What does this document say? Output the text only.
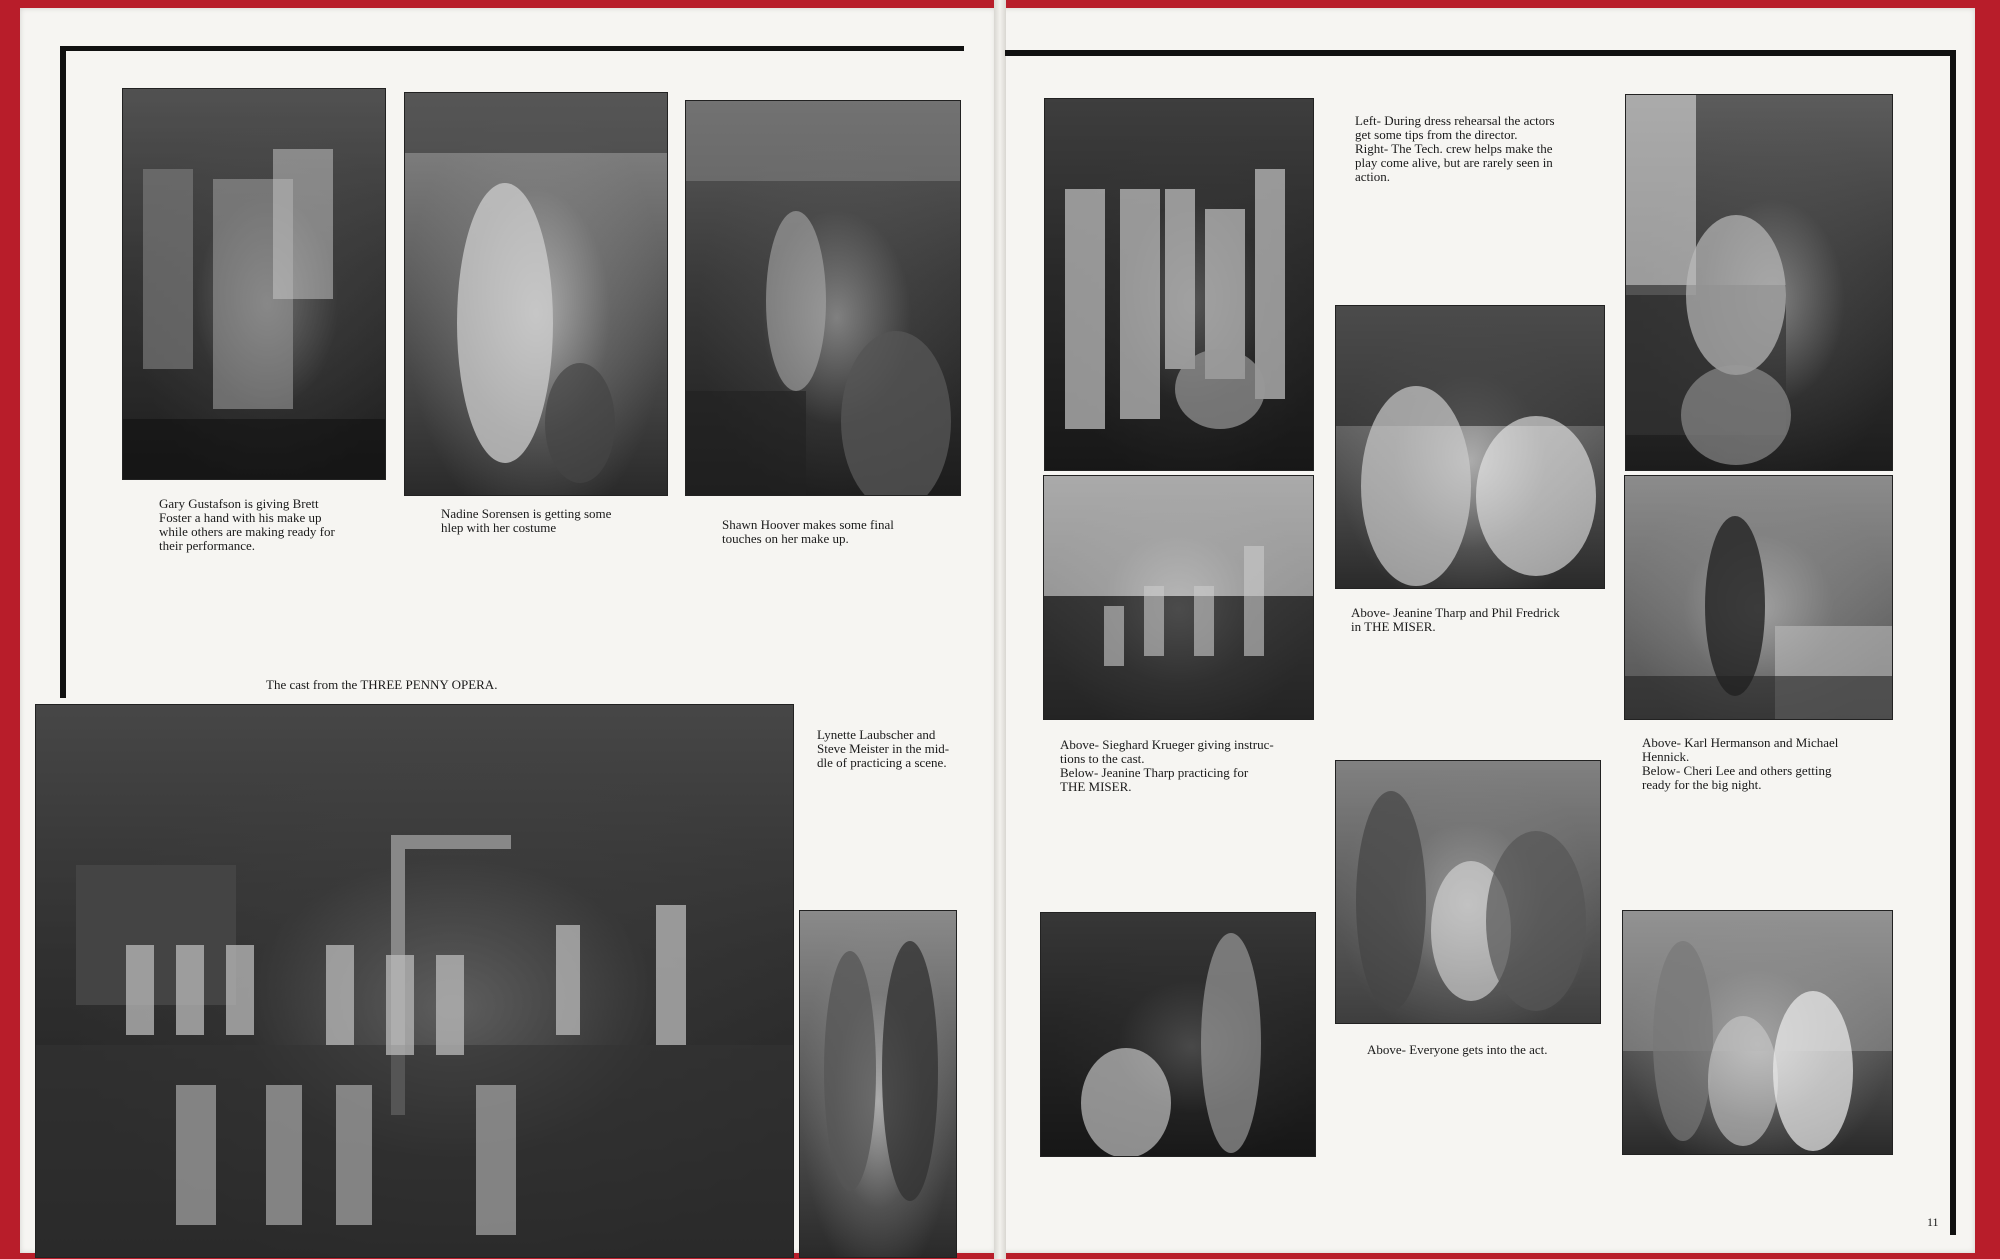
Gary Gustafson is giving Brett
Foster a hand with his make up
while others are making ready for
their performance.
Nadine Sorensen is getting some
hlep with her costume	Shawn Hoover makes some final
touches on her make up.
The cast from the THREE PENNY OPERA.
Lynette Laubscher and
Steve Meister in the mid-
dle of practicing a scene.
Left- During dress rehearsal the actors
get some tips from the director.
Right- The Tech. crew helps make the
play come alive, but are rarely seen in
action.
Above- Jeanine Tharp and Phil Fredrick
in THE MISER.
Above- Sieghard Krueger giving instruc-
tions to the cast.
Below- Jeanine Tharp practicing for
THE MISER.
Above- Karl Hermanson and Michael
Hennick.
Below- Cheri Lee and others getting
ready for the big night.
Above- Everyone gets into the act.
11
